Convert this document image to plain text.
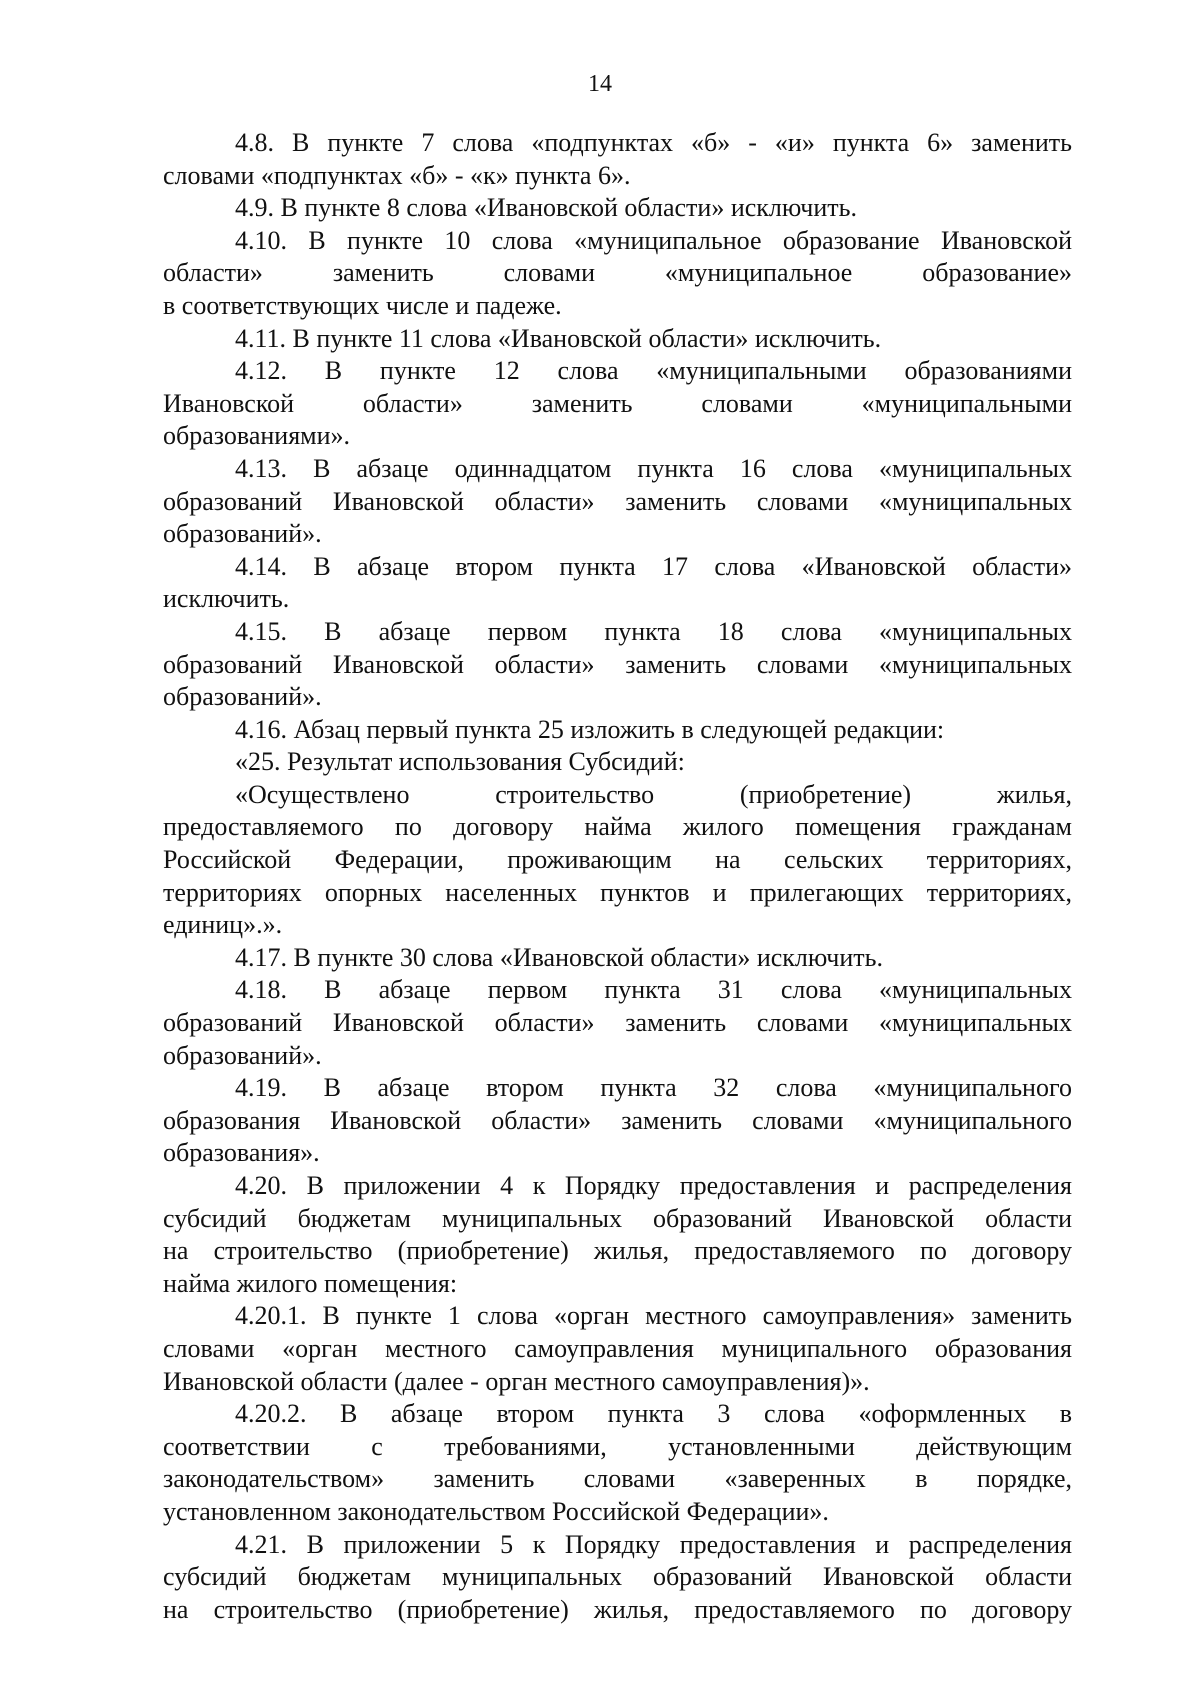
14
4.8. В пункте 7 слова «подпунктах «б» - «и» пункта 6» заменить
словами «подпунктах «б» - «к» пункта 6».
4.9. В пункте 8 слова «Ивановской области» исключить.
4.10. В пункте 10 слова «муниципальное образование Ивановской
области» заменить словами «муниципальное образование»
в соответствующих числе и падеже.
4.11. В пункте 11 слова «Ивановской области» исключить.
4.12. В пункте 12 слова «муниципальными образованиями
Ивановской области» заменить словами «муниципальными
образованиями».
4.13. В абзаце одиннадцатом пункта 16 слова «муниципальных
образований Ивановской области» заменить словами «муниципальных
образований».
4.14. В абзаце втором пункта 17 слова «Ивановской области»
исключить.
4.15. В абзаце первом пункта 18 слова «муниципальных
образований Ивановской области» заменить словами «муниципальных
образований».
4.16. Абзац первый пункта 25 изложить в следующей редакции:
«25. Результат использования Субсидий:
«Осуществлено строительство (приобретение) жилья,
предоставляемого по договору найма жилого помещения гражданам
Российской Федерации, проживающим на сельских территориях,
территориях опорных населенных пунктов и прилегающих территориях,
единиц».».
4.17. В пункте 30 слова «Ивановской области» исключить.
4.18. В абзаце первом пункта 31 слова «муниципальных
образований Ивановской области» заменить словами «муниципальных
образований».
4.19. В абзаце втором пункта 32 слова «муниципального
образования Ивановской области» заменить словами «муниципального
образования».
4.20. В приложении 4 к Порядку предоставления и распределения
субсидий бюджетам муниципальных образований Ивановской области
на строительство (приобретение) жилья, предоставляемого по договору
найма жилого помещения:
4.20.1. В пункте 1 слова «орган местного самоуправления» заменить
словами «орган местного самоуправления муниципального образования
Ивановской области (далее - орган местного самоуправления)».
4.20.2. В абзаце втором пункта 3 слова «оформленных в
соответствии с требованиями, установленными действующим
законодательством» заменить словами «заверенных в порядке,
установленном законодательством Российской Федерации».
4.21. В приложении 5 к Порядку предоставления и распределения
субсидий бюджетам муниципальных образований Ивановской области
на строительство (приобретение) жилья, предоставляемого по договору
